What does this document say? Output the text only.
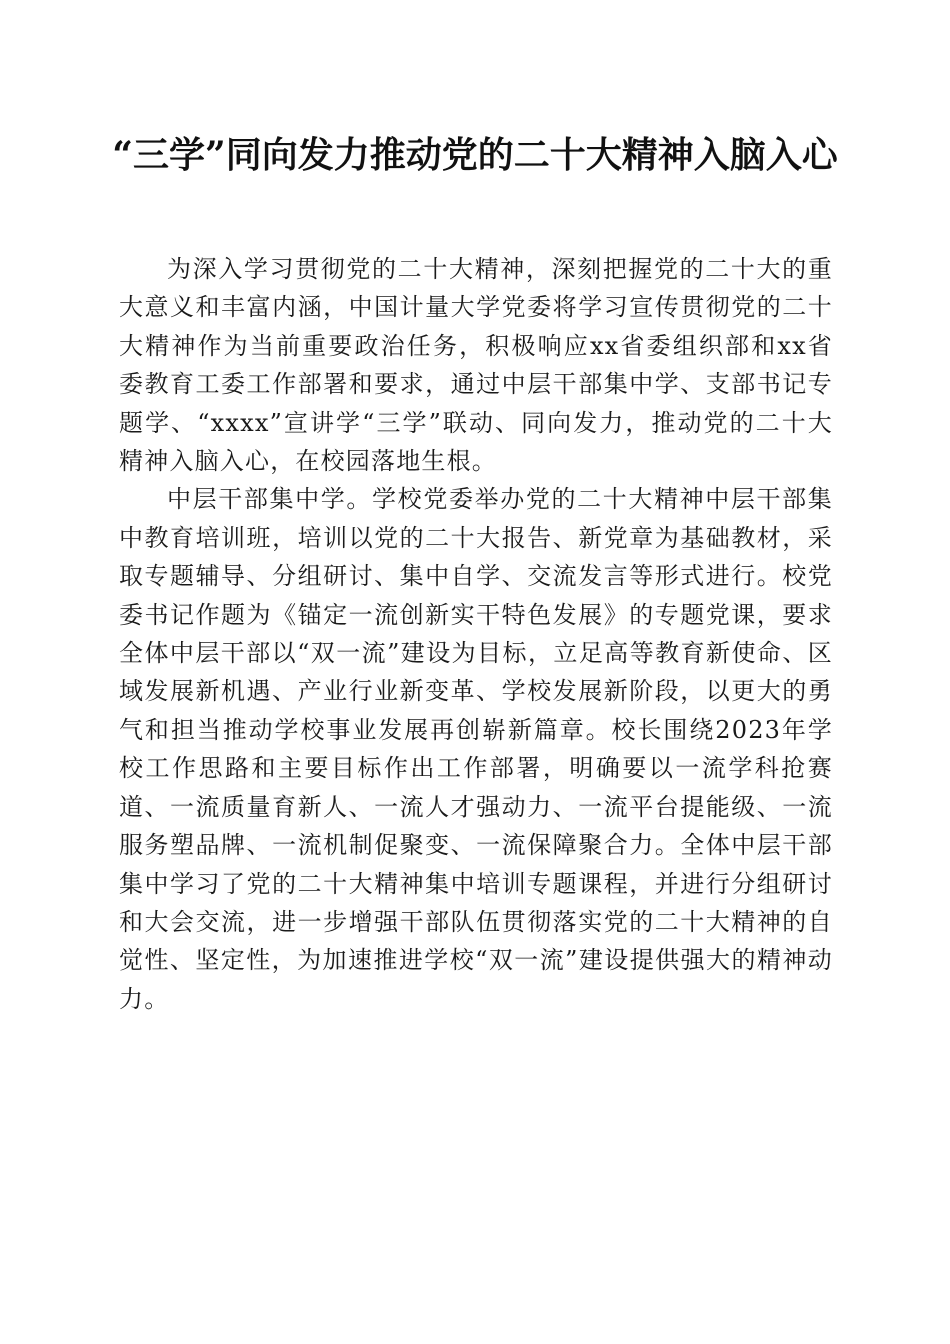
“三学”同向发力推动党的二十大精神入脑入心

为深入学习贯彻党的二十大精神，深刻把握党的二十大的重大意义和丰富内涵，中国计量大学党委将学习宣传贯彻党的二十大精神作为当前重要政治任务，积极响应xx省委组织部和xx省委教育工委工作部署和要求，通过中层干部集中学、支部书记专题学、“xxxx”宣讲学“三学”联动、同向发力，推动党的二十大精神入脑入心，在校园落地生根。

中层干部集中学。学校党委举办党的二十大精神中层干部集中教育培训班，培训以党的二十大报告、新党章为基础教材，采取专题辅导、分组研讨、集中自学、交流发言等形式进行。校党委书记作题为《锚定一流创新实干特色发展》的专题党课，要求全体中层干部以“双一流”建设为目标，立足高等教育新使命、区域发展新机遇、产业行业新变革、学校发展新阶段，以更大的勇气和担当推动学校事业发展再创崭新篇章。校长围绕2023年学校工作思路和主要目标作出工作部署，明确要以一流学科抢赛道、一流质量育新人、一流人才强动力、一流平台提能级、一流服务塑品牌、一流机制促聚变、一流保障聚合力。全体中层干部集中学习了党的二十大精神集中培训专题课程，并进行分组研讨和大会交流，进一步增强干部队伍贯彻落实党的二十大精神的自觉性、坚定性，为加速推进学校“双一流”建设提供强大的精神动力。
